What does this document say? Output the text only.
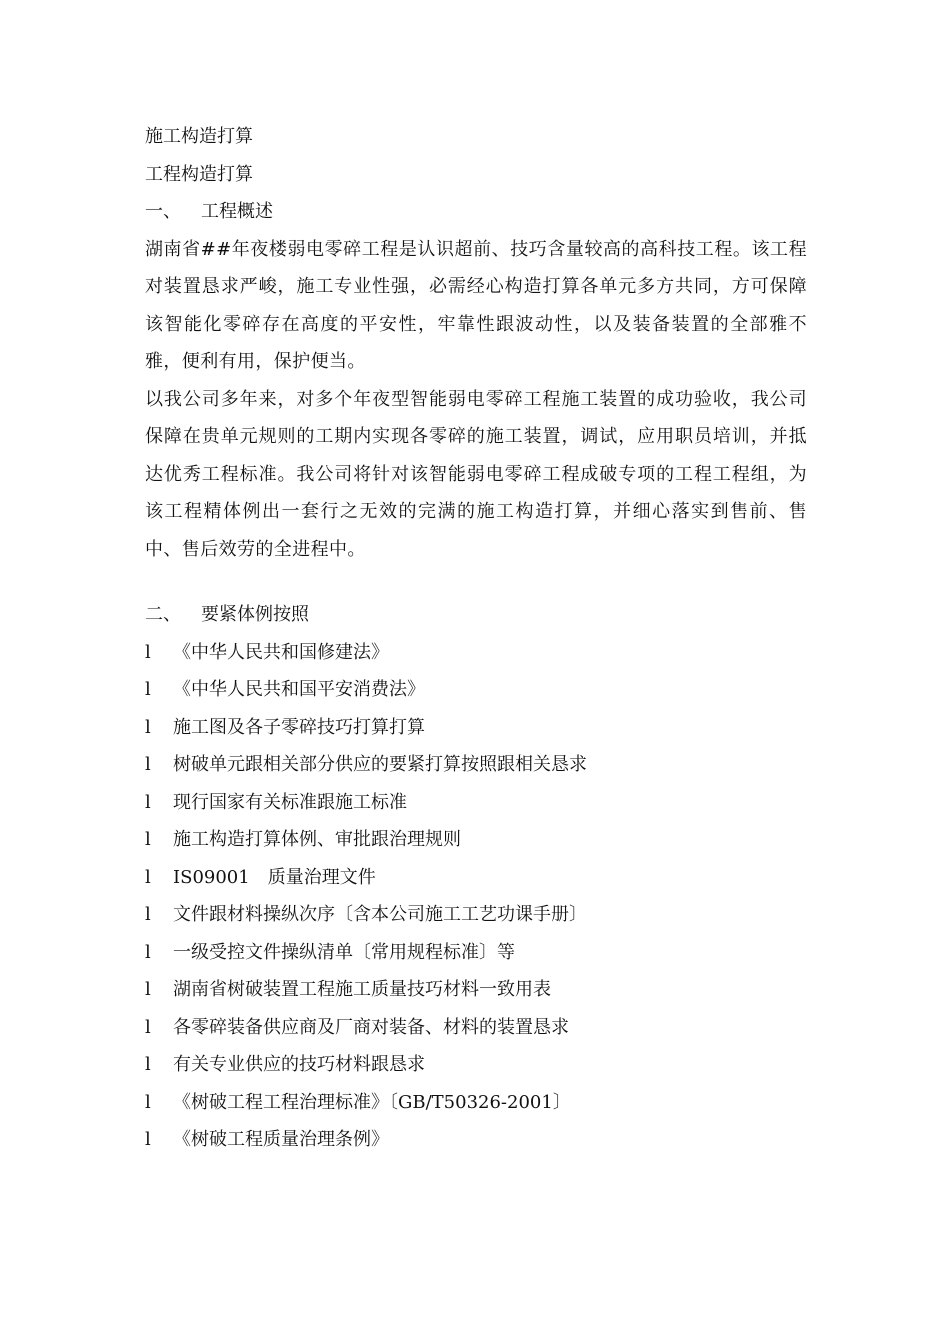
施工构造打算

工程构造打算

一、 工程概述

湖南省##年夜楼弱电零碎工程是认识超前、技巧含量较高的高科技工程。该工程对装置恳求严峻，施工专业性强，必需经心构造打算各单元多方共同，方可保障该智能化零碎存在高度的平安性，牢靠性跟波动性，以及装备装置的全部雅不雅，便利有用，保护便当。

以我公司多年来，对多个年夜型智能弱电零碎工程施工装置的成功验收，我公司保障在贵单元规则的工期内实现各零碎的施工装置，调试，应用职员培训，并抵达优秀工程标准。我公司将针对该智能弱电零碎工程成破专项的工程工程组，为该工程精体例出一套行之无效的完满的施工构造打算，并细心落实到售前、售中、售后效劳的全进程中。

二、 要紧体例按照

l 《中华人民共和国修建法》
l 《中华人民共和国平安消费法》
l 施工图及各子零碎技巧打算打算
l 树破单元跟相关部分供应的要紧打算按照跟相关恳求
l 现行国家有关标准跟施工标准
l 施工构造打算体例、审批跟治理规则
l IS09001　质量治理文件
l 文件跟材料操纵次序〔含本公司施工工艺功课手册〕
l 一级受控文件操纵清单〔常用规程标准〕等
l 湖南省树破装置工程施工质量技巧材料一致用表
l 各零碎装备供应商及厂商对装备、材料的装置恳求
l 有关专业供应的技巧材料跟恳求
l 《树破工程工程治理标准》〔GB/T50326-2001〕
l 《树破工程质量治理条例》
